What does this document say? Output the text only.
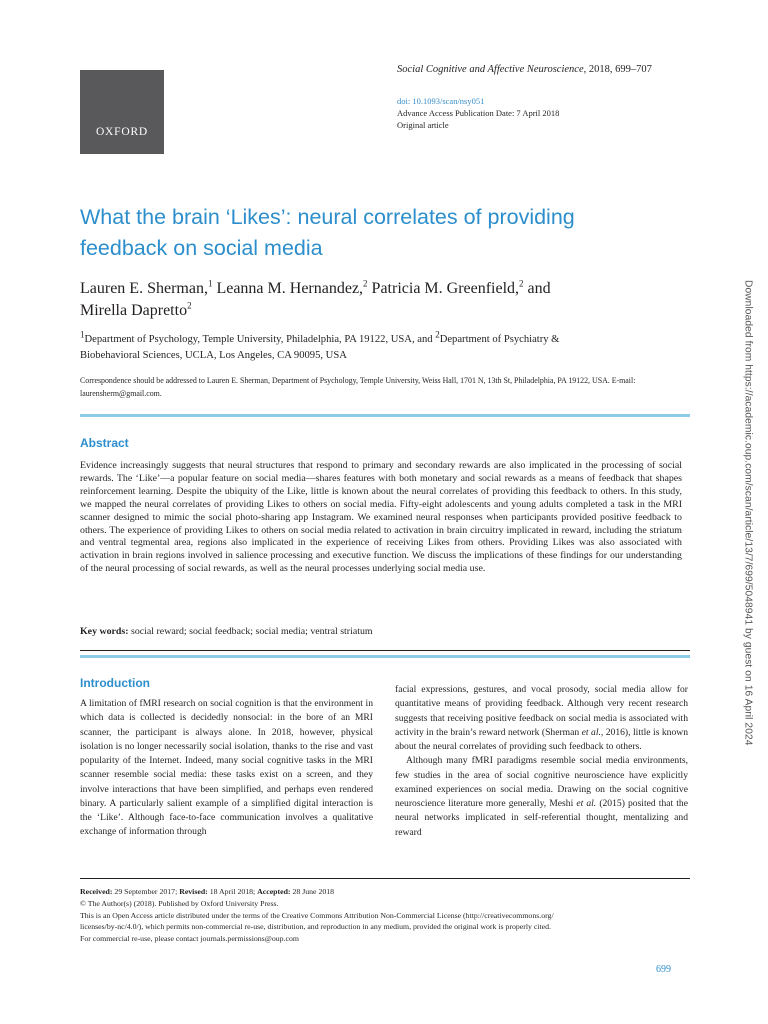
OXFORD
Social Cognitive and Affective Neuroscience, 2018, 699–707
doi: 10.1093/scan/nsy051
Advance Access Publication Date: 7 April 2018
Original article
What the brain ‘Likes’: neural correlates of providing
feedback on social media
Lauren E. Sherman,$^1$ Leanna M. Hernandez,$^2$ Patricia M. Greenfield,$^2$ and
Mirella Dapretto$^2$
$^1$Department of Psychology, Temple University, Philadelphia, PA 19122, USA, and $^2$Department of Psychiatry &
Biobehavioral Sciences, UCLA, Los Angeles, CA 90095, USA
Correspondence should be addressed to Lauren E. Sherman, Department of Psychology, Temple University, Weiss Hall, 1701 N, 13th St, Philadelphia, PA 19122, USA. E-mail: laurensherm@gmail.com.
Abstract
Evidence increasingly suggests that neural structures that respond to primary and secondary rewards are also implicated in the processing of social rewards. The ‘Like’—a popular feature on social media—shares features with both monetary and social rewards as a means of feedback that shapes reinforcement learning. Despite the ubiquity of the Like, little is known about the neural correlates of providing this feedback to others. In this study, we mapped the neural correlates of providing Likes to others on social media. Fifty-eight adolescents and young adults completed a task in the MRI scanner designed to mimic the social photo-sharing app Instagram. We examined neural responses when participants provided positive feedback to others. The experience of providing Likes to others on social media related to activation in brain circuitry implicated in reward, including the striatum and ventral tegmental area, regions also implicated in the experience of receiving Likes from others. Providing Likes was also associated with activation in brain regions involved in salience processing and executive function. We discuss the implications of these findings for our understanding of the neural processing of social rewards, as well as the neural processes underlying social media use.
Key words: social reward; social feedback; social media; ventral striatum
Introduction

A limitation of fMRI research on social cognition is that the environment in which data is collected is decidedly nonsocial: in the bore of an MRI scanner, the participant is always alone. In 2018, however, physical isolation is no longer necessarily social isolation, thanks to the rise and vast popularity of the Internet. Indeed, many social cognitive tasks in the MRI scanner resemble social media: these tasks exist on a screen, and they involve interactions that have been simplified, and perhaps even rendered binary. A particularly salient example of a simplified digital interaction is the ‘Like’. Although face-to-face communication involves a qualitative exchange of information through

facial expressions, gestures, and vocal prosody, social media allow for quantitative means of providing feedback. Although very recent research suggests that receiving positive feedback on social media is associated with activity in the brain’s reward network (Sherman et al., 2016), little is known about the neural correlates of providing such feedback to others.

Although many fMRI paradigms resemble social media environments, few studies in the area of social cognitive neuroscience have explicitly examined experiences on social media. Drawing on the social cognitive neuroscience literature more generally, Meshi et al. (2015) posited that the neural networks implicated in self-referential thought, mentalizing and reward

Received: 29 September 2017; Revised: 18 April 2018; Accepted: 28 June 2018

© The Author(s) (2018). Published by Oxford University Press.

This is an Open Access article distributed under the terms of the Creative Commons Attribution Non-Commercial License (http://creativecommons.org/

licenses/by-nc/4.0/), which permits non-commercial re-use, distribution, and reproduction in any medium, provided the original work is properly cited.

For commercial re-use, please contact journals.permissions@oup.com

699
Downloaded from https://academic.oup.com/scan/article/13/7/699/5048941 by guest on 16 April 2024
